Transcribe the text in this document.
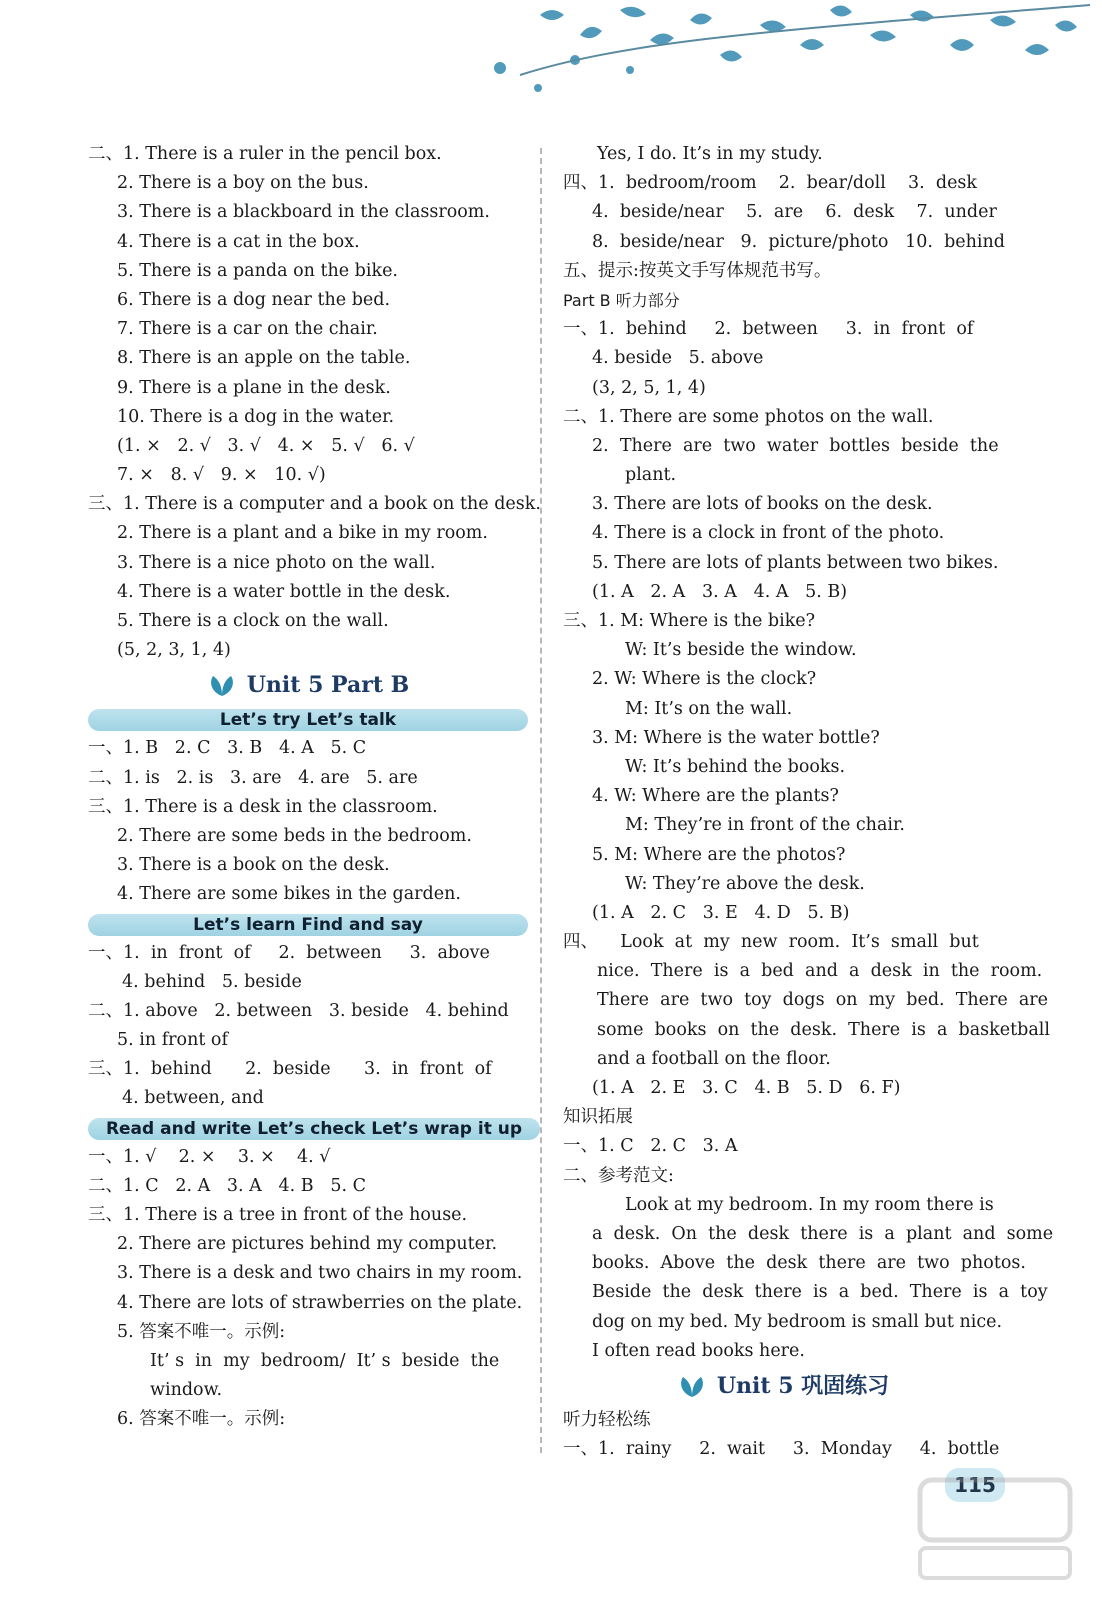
二、1. There is a ruler in the pencil box.
2. There is a boy on the bus.
3. There is a blackboard in the classroom.
4. There is a cat in the box.
5. There is a panda on the bike.
6. There is a dog near the bed.
7. There is a car on the chair.
8. There is an apple on the table.
9. There is a plane in the desk.
10. There is a dog in the water.
(1. ×   2. √   3. √   4. ×   5. √   6. √
7. ×   8. √   9. ×   10. √)
三、1. There is a computer and a book on the desk.
2. There is a plant and a bike in my room.
3. There is a nice photo on the wall.
4. There is a water bottle in the desk.
5. There is a clock on the wall.
(5, 2, 3, 1, 4)
Unit 5 Part B
Let’s try Let’s talk
一、1. B   2. C   3. B   4. A   5. C
二、1. is   2. is   3. are   4. are   5. are
三、1. There is a desk in the classroom.
2. There are some beds in the bedroom.
3. There is a book on the desk.
4. There are some bikes in the garden.
Let’s learn Find and say
一、1.  in  front  of     2.  between     3.  above
4. behind   5. beside
二、1. above   2. between   3. beside   4. behind
5. in front of
三、1.  behind      2.  beside      3.  in  front  of
4. between, and
Read and write Let’s check Let’s wrap it up
一、1. √    2. ×    3. ×    4. √
二、1. C   2. A   3. A   4. B   5. C
三、1. There is a tree in front of the house.
2. There are pictures behind my computer.
3. There is a desk and two chairs in my room.
4. There are lots of strawberries on the plate.
5. 答案不唯一。示例:
It’ s  in  my  bedroom/  It’ s  beside  the
window.
6. 答案不唯一。示例:
Yes, I do. It’s in my study.
四、1.  bedroom/room    2.  bear/doll    3.  desk
4.  beside/near    5.  are    6.  desk    7.  under
8.  beside/near   9.  picture/photo   10.  behind
五、提示:按英文手写体规范书写。
Part B 听力部分
一、1.  behind     2.  between     3.  in  front  of
4. beside   5. above
(3, 2, 5, 1, 4)
二、1. There are some photos on the wall.
2.  There  are  two  water  bottles  beside  the
plant.
3. There are lots of books on the desk.
4. There is a clock in front of the photo.
5. There are lots of plants between two bikes.
(1. A   2. A   3. A   4. A   5. B)
三、1. M: Where is the bike?
W: It’s beside the window.
2. W: Where is the clock?
M: It’s on the wall.
3. M: Where is the water bottle?
W: It’s behind the books.
4. W: Where are the plants?
M: They’re in front of the chair.
5. M: Where are the photos?
W: They’re above the desk.
(1. A   2. C   3. E   4. D   5. B)
四、    Look  at  my  new  room.  It’s  small  but
nice.  There  is  a  bed  and  a  desk  in  the  room.
There  are  two  toy  dogs  on  my  bed.  There  are
some  books  on  the  desk.  There  is  a  basketball
and a football on the floor.
(1. A   2. E   3. C   4. B   5. D   6. F)
知识拓展
一、1. C   2. C   3. A
二、参考范文:
Look at my bedroom. In my room there is
a  desk.  On  the  desk  there  is  a  plant  and  some
books.  Above  the  desk  there  are  two  photos.
Beside  the  desk  there  is  a  bed.  There  is  a  toy
dog on my bed. My bedroom is small but nice.
I often read books here.
Unit 5 巩固练习
听力轻松练
一、1.  rainy     2.  wait     3.  Monday     4.  bottle
115
